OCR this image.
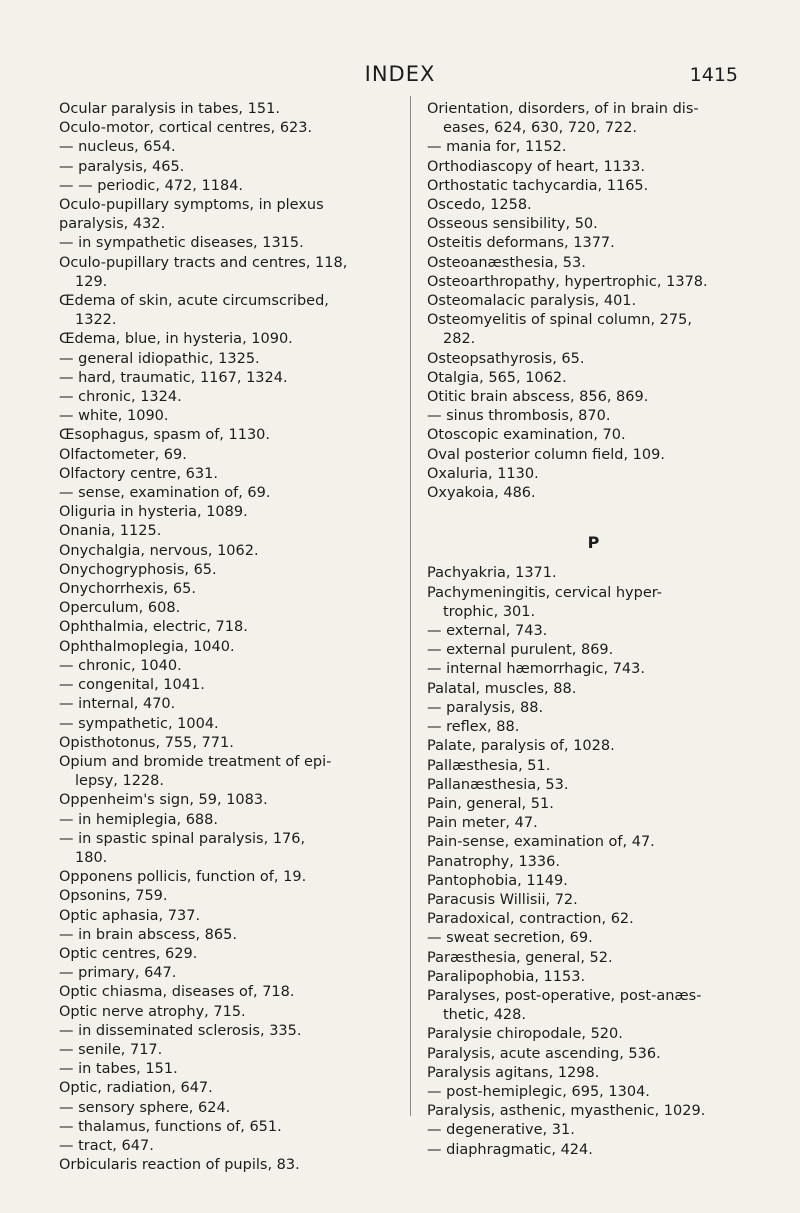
INDEX	1415
Ocular paralysis in tabes, 151.
Oculo-motor, cortical centres, 623.
— nucleus, 654.
— paralysis, 465.
— — periodic, 472, 1184.
Oculo-pupillary symptoms, in plexus
paralysis, 432.
— in sympathetic diseases, 1315.
Oculo-pupillary tracts and centres, 118,
129.
Œdema of skin, acute circumscribed,
1322.
Œdema, blue, in hysteria, 1090.
— general idiopathic, 1325.
— hard, traumatic, 1167, 1324.
— chronic, 1324.
— white, 1090.
Œsophagus, spasm of, 1130.
Olfactometer, 69.
Olfactory centre, 631.
— sense, examination of, 69.
Oliguria in hysteria, 1089.
Onania, 1125.
Onychalgia, nervous, 1062.
Onychogryphosis, 65.
Onychorrhexis, 65.
Operculum, 608.
Ophthalmia, electric, 718.
Ophthalmoplegia, 1040.
— chronic, 1040.
— congenital, 1041.
— internal, 470.
— sympathetic, 1004.
Opisthotonus, 755, 771.
Opium and bromide treatment of epi-
lepsy, 1228.
Oppenheim's sign, 59, 1083.
— in hemiplegia, 688.
— in spastic spinal paralysis, 176,
180.
Opponens pollicis, function of, 19.
Opsonins, 759.
Optic aphasia, 737.
— in brain abscess, 865.
Optic centres, 629.
— primary, 647.
Optic chiasma, diseases of, 718.
Optic nerve atrophy, 715.
— in disseminated sclerosis, 335.
— senile, 717.
— in tabes, 151.
Optic, radiation, 647.
— sensory sphere, 624.
— thalamus, functions of, 651.
— tract, 647.
Orbicularis reaction of pupils, 83.
Orientation, disorders, of in brain dis-
eases, 624, 630, 720, 722.
— mania for, 1152.
Orthodiascopy of heart, 1133.
Orthostatic tachycardia, 1165.
Oscedo, 1258.
Osseous sensibility, 50.
Osteitis deformans, 1377.
Osteoanæsthesia, 53.
Osteoarthropathy, hypertrophic, 1378.
Osteomalacic paralysis, 401.
Osteomyelitis of spinal column, 275,
282.
Osteopsathyrosis, 65.
Otalgia, 565, 1062.
Otitic brain abscess, 856, 869.
— sinus thrombosis, 870.
Otoscopic examination, 70.
Oval posterior column field, 109.
Oxaluria, 1130.
Oxyakoia, 486.
P
Pachyakria, 1371.
Pachymeningitis, cervical hyper-
trophic, 301.
— external, 743.
— external purulent, 869.
— internal hæmorrhagic, 743.
Palatal, muscles, 88.
— paralysis, 88.
— reflex, 88.
Palate, paralysis of, 1028.
Pallæsthesia, 51.
Pallanæsthesia, 53.
Pain, general, 51.
Pain meter, 47.
Pain-sense, examination of, 47.
Panatrophy, 1336.
Pantophobia, 1149.
Paracusis Willisii, 72.
Paradoxical, contraction, 62.
— sweat secretion, 69.
Paræsthesia, general, 52.
Paralipophobia, 1153.
Paralyses, post-operative, post-anæs-
thetic, 428.
Paralysie chiropodale, 520.
Paralysis, acute ascending, 536.
Paralysis agitans, 1298.
— post-hemiplegic, 695, 1304.
Paralysis, asthenic, myasthenic, 1029.
— degenerative, 31.
— diaphragmatic, 424.
